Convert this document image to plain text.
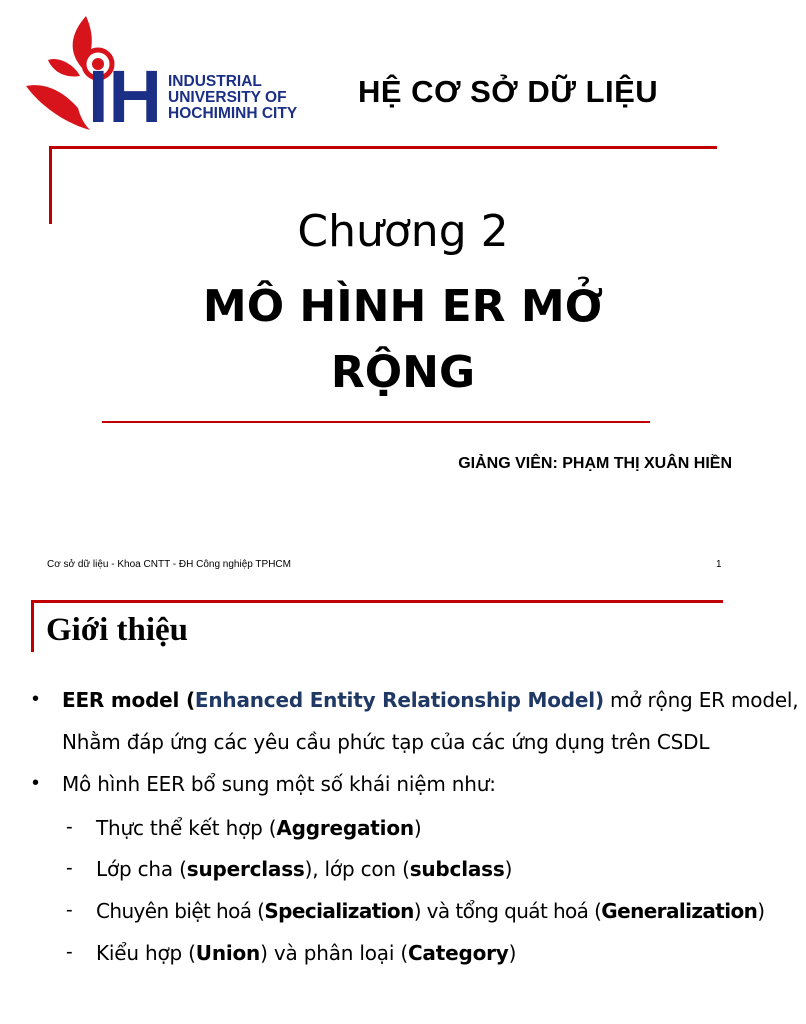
IH INDUSTRIAL
UNIVERSITY OF
HOCHIMINH CITY
HỆ CƠ SỞ DỮ LIỆU
Chương 2
MÔ HÌNH ER MỞ
RỘNG
GIẢNG VIÊN: PHẠM THỊ XUÂN HIỀN
Cơ sở dữ liệu - Khoa CNTT - ĐH Công nghiệp TPHCM	1
Giới thiệu
• EER model (Enhanced Entity Relationship Model) mở rộng ER model,
Nhằm đáp ứng các yêu cầu phức tạp của các ứng dụng trên CSDL
• Mô hình EER bổ sung một số khái niệm như:
- Thực thể kết hợp (Aggregation)
- Lớp cha (superclass), lớp con (subclass)
- Chuyên biệt hoá (Specialization) và tổng quát hoá (Generalization)
- Kiểu hợp (Union) và phân loại (Category)
